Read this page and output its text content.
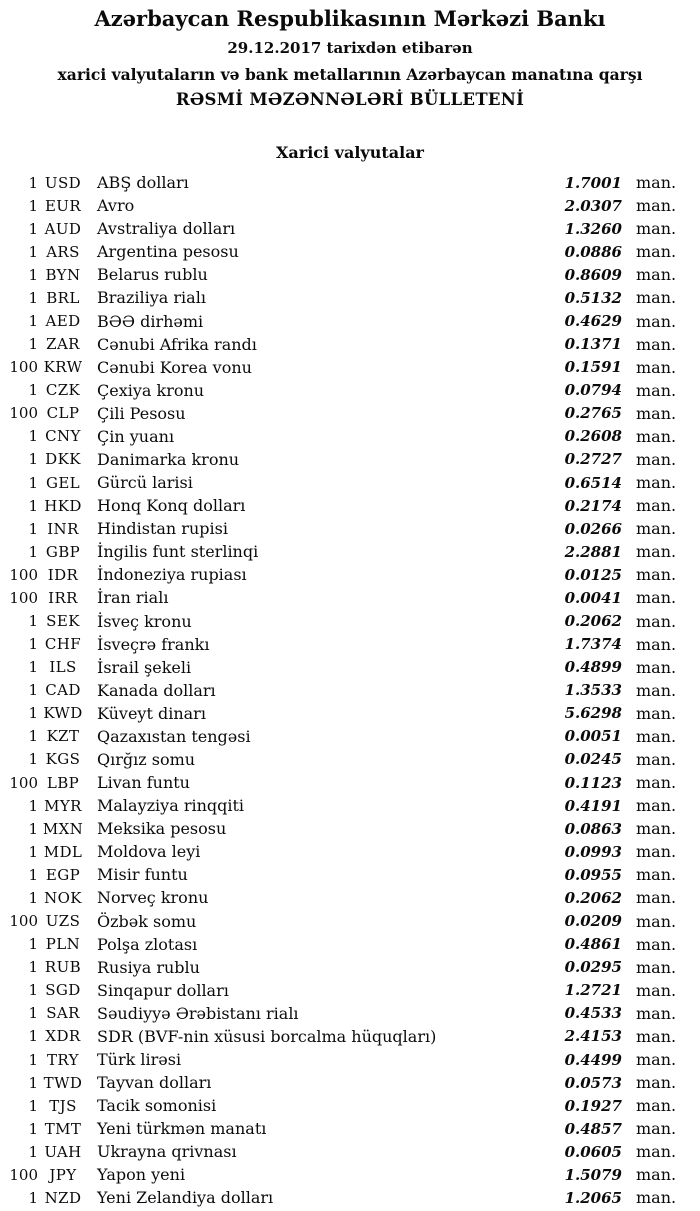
Azərbaycan Respublikasının Mərkəzi Bankı
29.12.2017 tarixdən etibarən
xarici valyutaların və bank metallarının Azərbaycan manatına qarşı
RƏSMİ MƏZƏNNƏLƏRİ BÜLLETENİ
Xarici valyutalar
1 USD ABŞ dolları	1.7001 man.
1 EUR Avro	2.0307 man.
1 AUD Avstraliya dolları	1.3260 man.
1 ARS	Argentina pesosu	0.0886 man.
1 BYN	Belarus rublu	0.8609 man.
1 BRL	Braziliya rialı	0.5132 man.
1 AED	BƏƏ dirhəmi	0.4629 man.
1 ZAR	Cənubi Afrika randı	0.1371 man.
100 KRW Cənubi Korea vonu	0.1591 man.
1 CZK	Çexiya kronu	0.0794 man.
100 CLP	Çili Pesosu	0.2765 man.
1 CNY	Çin yuanı	0.2608 man.
1 DKK	Danimarka kronu	0.2727 man.
1 GEL	Gürcü larisi	0.6514 man.
1 HKD Honq Konq dolları	0.2174 man.
1 INR	Hindistan rupisi	0.0266 man.
1 GBP	İngilis funt sterlinqi	2.2881 man.
100 IDR	İndoneziya rupiası	0.0125 man.
100 IRR	İran rialı	0.0041 man.
1 SEK	İsveç kronu	0.2062 man.
1 CHF İsveçrə frankı	1.7374 man.
1 ILS	İsrail şekeli	0.4899 man.
1 CAD	Kanada dolları	1.3533 man.
1 KWD Küveyt dinarı	5.6298 man.
1 KZT	Qazaxıstan tengəsi	0.0051 man.
1 KGS	Qırğız somu	0.0245 man.
100 LBP	Livan funtu	0.1123 man.
1 MYR Malayziya rinqqiti	0.4191 man.
1 MXN Meksika pesosu	0.0863 man.
1 MDL Moldova leyi	0.0993 man.
1 EGP	Misir funtu	0.0955 man.
1 NOK Norveç kronu	0.2062 man.
100 UZS	Özbək somu	0.0209 man.
1 PLN	Polşa zlotası	0.4861 man.
1 RUB Rusiya rublu	0.0295 man.
1 SGD	Sinqapur dolları	1.2721 man.
1 SAR	Səudiyyə Ərəbistanı rialı	0.4533 man.
1 XDR	SDR (BVF-nin xüsusi borcalma hüquqları)	2.4153 man.
1 TRY	Türk lirəsi	0.4499 man.
1 TWD Tayvan dolları	0.0573 man.
1 TJS	Tacik somonisi	0.1927 man.
1 TMT Yeni türkmən manatı	0.4857 man.
1 UAH Ukrayna qrivnası	0.0605 man.
100 JPY	Yapon yeni	1.5079 man.
1 NZD Yeni Zelandiya dolları	1.2065 man.
